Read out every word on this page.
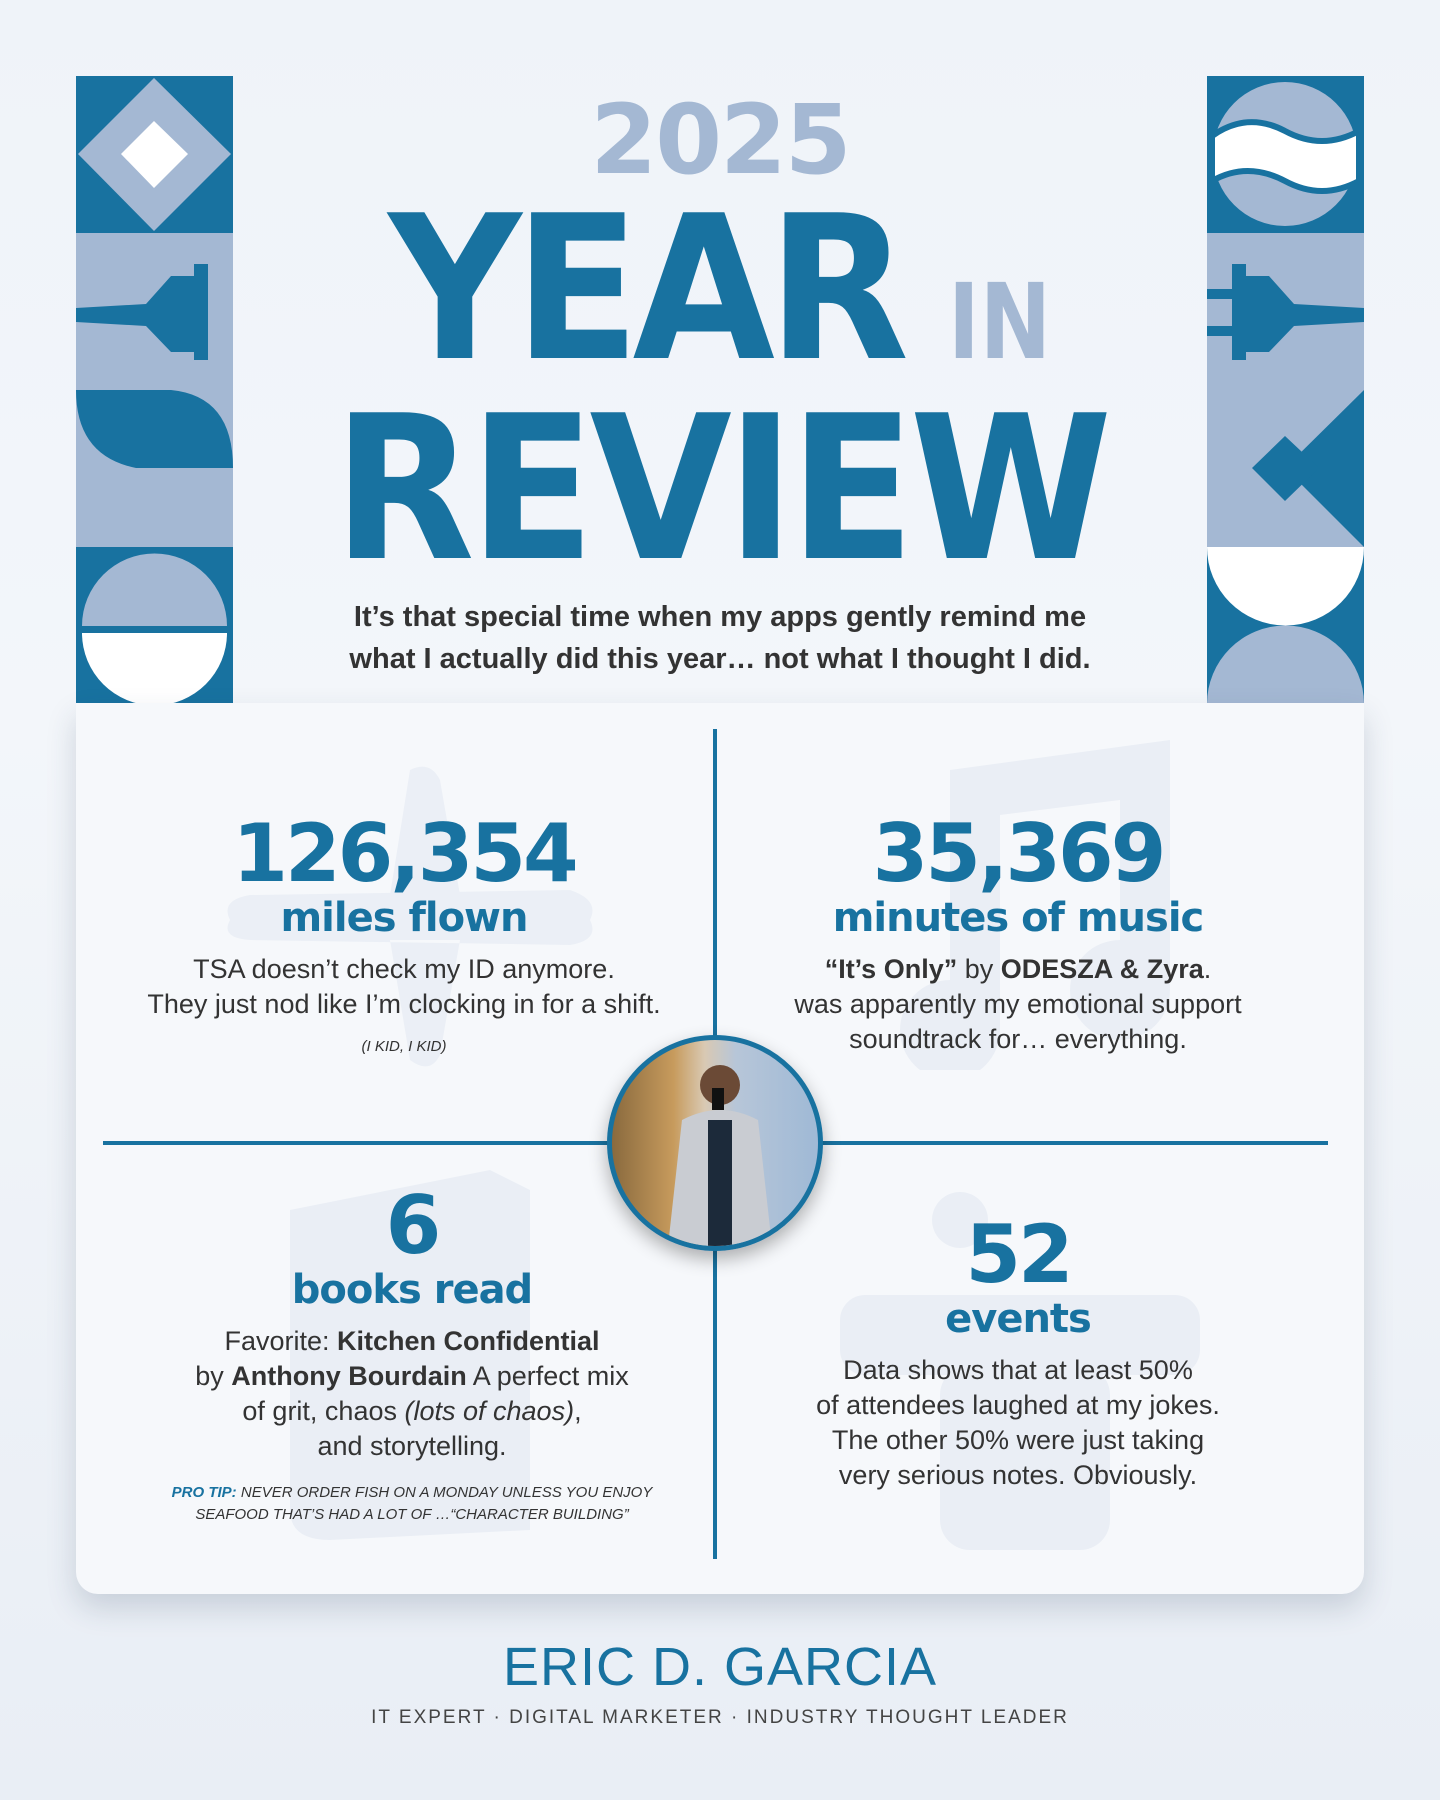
2025
YEAR IN
REVIEW
It’s that special time when my apps gently remind me
what I actually did this year… not what I thought I did.
126,354
miles flown
TSA doesn’t check my ID anymore.
They just nod like I’m clocking in for a shift.
(I KID, I KID)
35,369
minutes of music
“It’s Only” by ODESZA & Zyra.
was apparently my emotional support
soundtrack for… everything.
6
books read
Favorite: Kitchen Confidential
by Anthony Bourdain A perfect mix
of grit, chaos (lots of chaos),
and storytelling.
PRO TIP: NEVER ORDER FISH ON A MONDAY UNLESS YOU ENJOY
SEAFOOD THAT’S HAD A LOT OF …“CHARACTER BUILDING”
52
events
Data shows that at least 50%
of attendees laughed at my jokes.
The other 50% were just taking
very serious notes. Obviously.
ERIC D. GARCIA
IT EXPERT · DIGITAL MARKETER · INDUSTRY THOUGHT LEADER
